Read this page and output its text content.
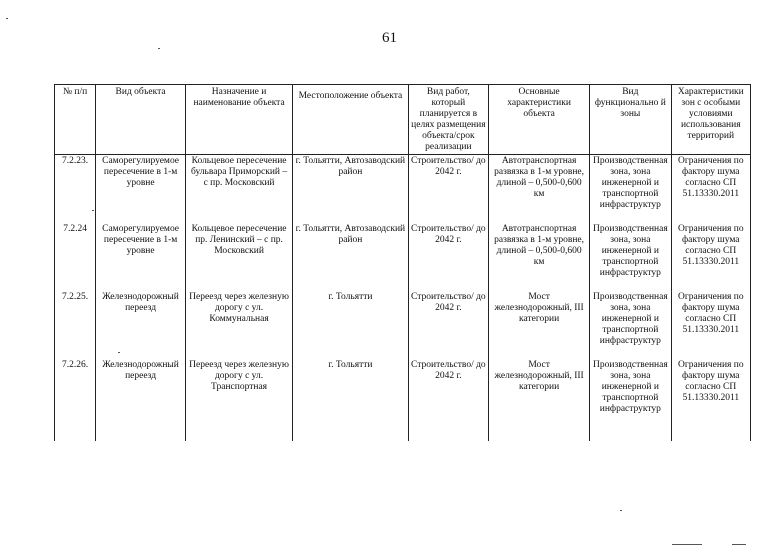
61
№ п/п	Вид объекта	Назначение и наименование объекта	Местоположение объекта	Вид работ, который планируется в целях размещения объекта/срок реализации	Основные характеристики объекта	Вид функционально й зоны	Характеристики зон с особыми условиями использования территорий
7.2.23.	Саморегулируемое пересечение в 1-м уровне	Кольцевое пересечение бульвара Приморский – с пр. Московский	г. Тольятти, Автозаводский район	Строительство/ до 2042 г.	Автотранспортная развязка в 1-м уровне, длиной – 0,500-0,600 км	Производственная зона, зона инженерной и транспортной инфраструктур	Ограничения по фактору шума согласно СП 51.13330.2011
7.2.24	Саморегулируемое пересечение в 1-м уровне	Кольцевое пересечение пр. Ленинский – с пр. Московский	г. Тольятти, Автозаводский район	Строительство/ до 2042 г.	Автотранспортная развязка в 1-м уровне, длиной – 0,500-0,600 км	Производственная зона, зона инженерной и транспортной инфраструктур	Ограничения по фактору шума согласно СП 51.13330.2011
7.2.25.	Железнодорожный переезд	Переезд через железную дорогу с ул. Коммунальная	г. Тольятти	Строительство/ до 2042 г.	Мост железнодорожный, III категории	Производственная зона, зона инженерной и транспортной инфраструктур	Ограничения по фактору шума согласно СП 51.13330.2011
7.2.26.	Железнодорожный переезд	Переезд через железную дорогу с ул. Транспортная	г. Тольятти	Строительство/ до 2042 г.	Мост железнодорожный, III категории	Производственная зона, зона инженерной и транспортной инфраструктур	Ограничения по фактору шума согласно СП 51.13330.2011
